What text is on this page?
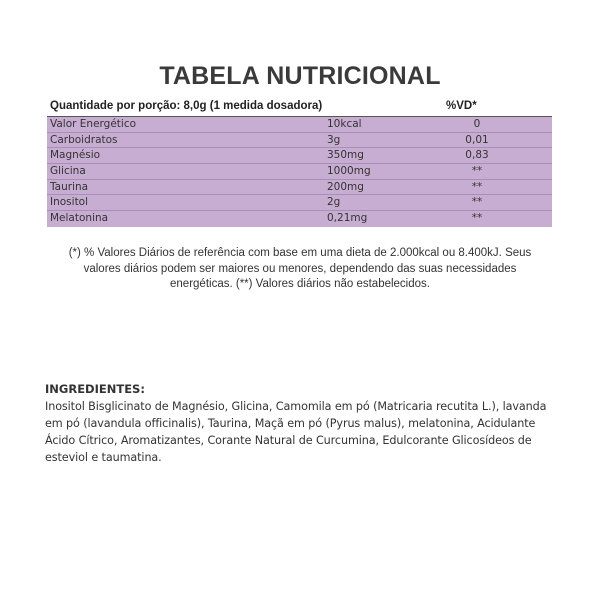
TABELA NUTRICIONAL
Quantidade por porção: 8,0g (1 medida dosadora)	%VD*
Valor Energético	10kcal	0
Carboidratos	3g	0,01
Magnésio	350mg	0,83
Glicina	1000mg	**
Taurina	200mg	**
Inositol	2g	**
Melatonina	0,21mg	**
(*) % Valores Diários de referência com base em uma dieta de 2.000kcal ou 8.400kJ. Seus
valores diários podem ser maiores ou menores, dependendo das suas necessidades
energéticas. (**) Valores diários não estabelecidos.
INGREDIENTES:
Inositol Bisglicinato de Magnésio, Glicina, Camomila em pó (Matricaria recutita L.), lavanda
em pó (lavandula officinalis), Taurina, Maçã em pó (Pyrus malus), melatonina, Acidulante
Ácido Cítrico, Aromatizantes, Corante Natural de Curcumina, Edulcorante Glicosídeos de
esteviol e taumatina.
